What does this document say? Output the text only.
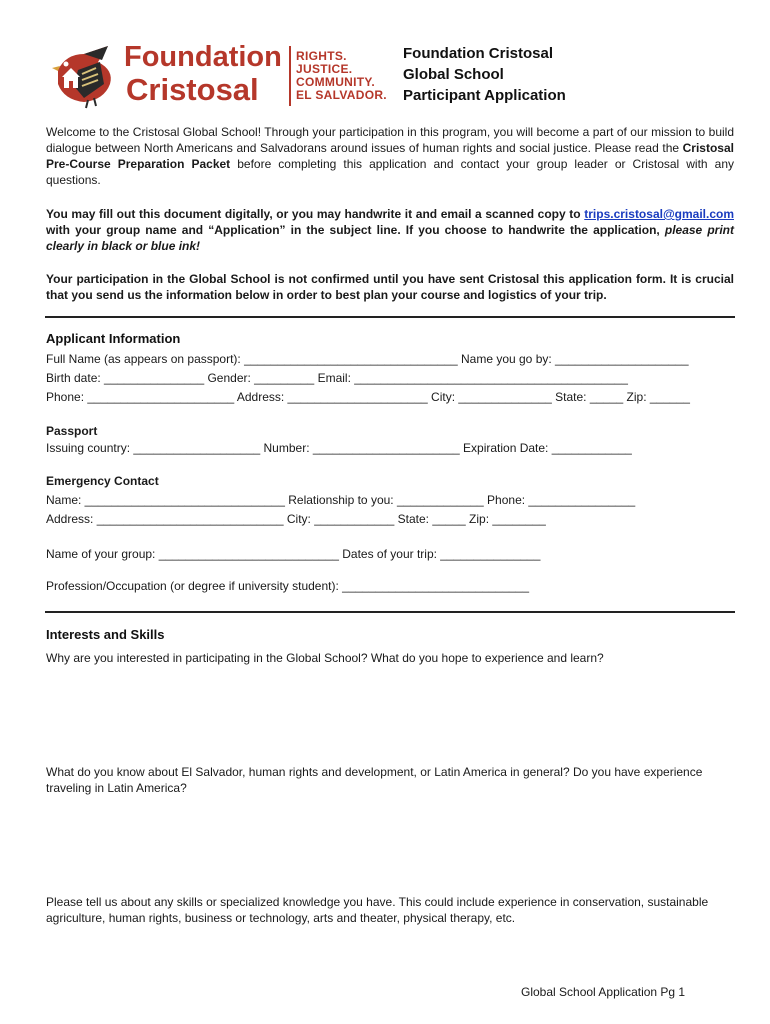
Foundation
Cristosal
RIGHTS.
JUSTICE.
COMMUNITY.
EL SALVADOR.
Foundation Cristosal
Global School
Participant Application
Welcome to the Cristosal Global School! Through your participation in this program, you will become a part of our mission to build dialogue between North Americans and Salvadorans around issues of human rights and social justice. Please read the Cristosal Pre-Course Preparation Packet before completing this application and contact your group leader or Cristosal with any questions.
You may fill out this document digitally, or you may handwrite it and email a scanned copy to trips.cristosal@gmail.com with your group name and “Application” in the subject line. If you choose to handwrite the application, please print clearly in black or blue ink!
Your participation in the Global School is not confirmed until you have sent Cristosal this application form. It is crucial that you send us the information below in order to best plan your course and logistics of your trip.
Applicant Information
Full Name (as appears on passport): ________________________________ Name you go by: ____________________
Birth date: _______________ Gender: _________ Email: _________________________________________
Phone: ______________________ Address: _____________________ City: ______________ State: _____ Zip: ______
Passport
Issuing country: ___________________ Number: ______________________ Expiration Date: ____________
Emergency Contact
Name: ______________________________ Relationship to you: _____________ Phone: ________________
Address: ____________________________ City: ____________ State: _____ Zip: ________
Name of your group: ___________________________ Dates of your trip: _______________
Profession/Occupation (or degree if university student): ____________________________
Interests and Skills
Why are you interested in participating in the Global School? What do you hope to experience and learn?
What do you know about El Salvador, human rights and development, or Latin America in general? Do you have experience traveling in Latin America?
Please tell us about any skills or specialized knowledge you have. This could include experience in conservation, sustainable agriculture, human rights, business or technology, arts and theater, physical therapy, etc.
Global School Application Pg 1
